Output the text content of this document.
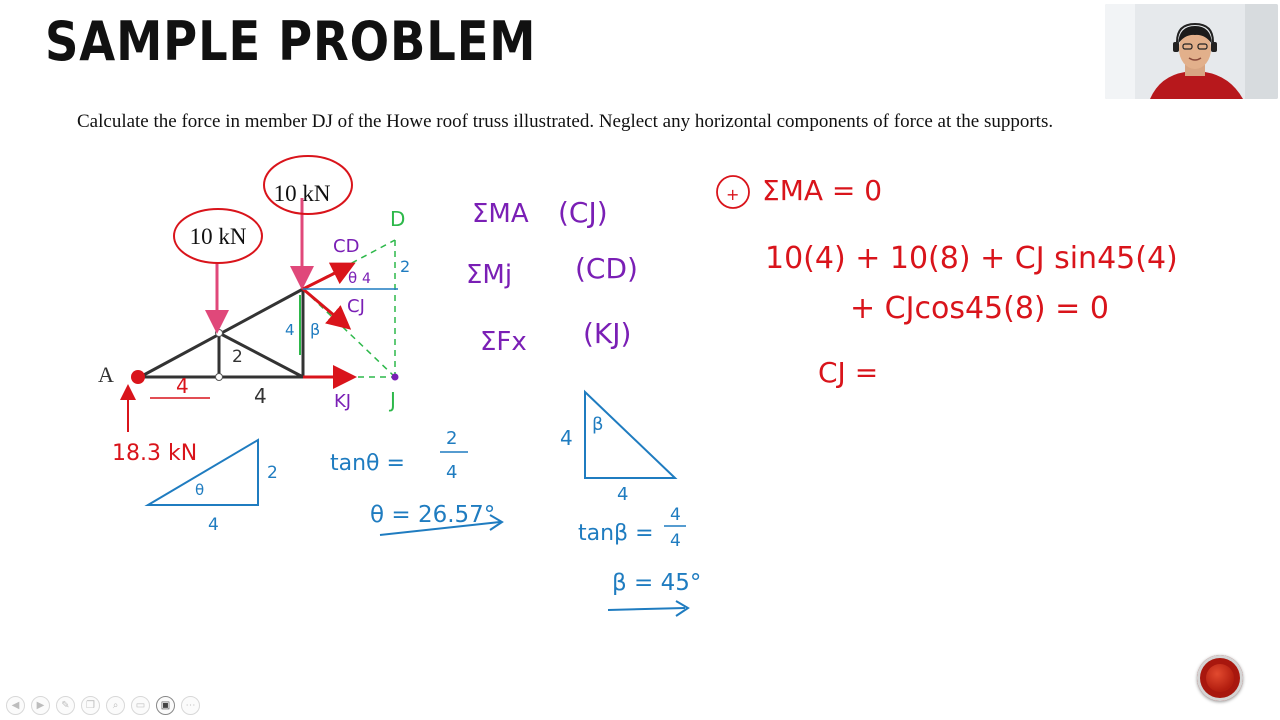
SAMPLE PROBLEM

Calculate the force in member DJ of the Howe roof truss illustrated. Neglect any horizontal components of force at the supports.

10 kN
10 kN
A	4	4
2
18.3 kN
D
J
2
CD
CJ
KJ
θ 4
β
4
θ
2
4
tanθ =
2
4
θ = 26.57°
ΣMA (CJ)
ΣMj (CD)
ΣFx (KJ)
4
4
β
tanβ =
4
4
β = 45°
+ ΣMA = 0
10(4) + 10(8) + CJ sin45(4)
+ CJcos45(8) = 0
CJ =
◀	▶	✎	❐	⌕	▭	▣	⋯
